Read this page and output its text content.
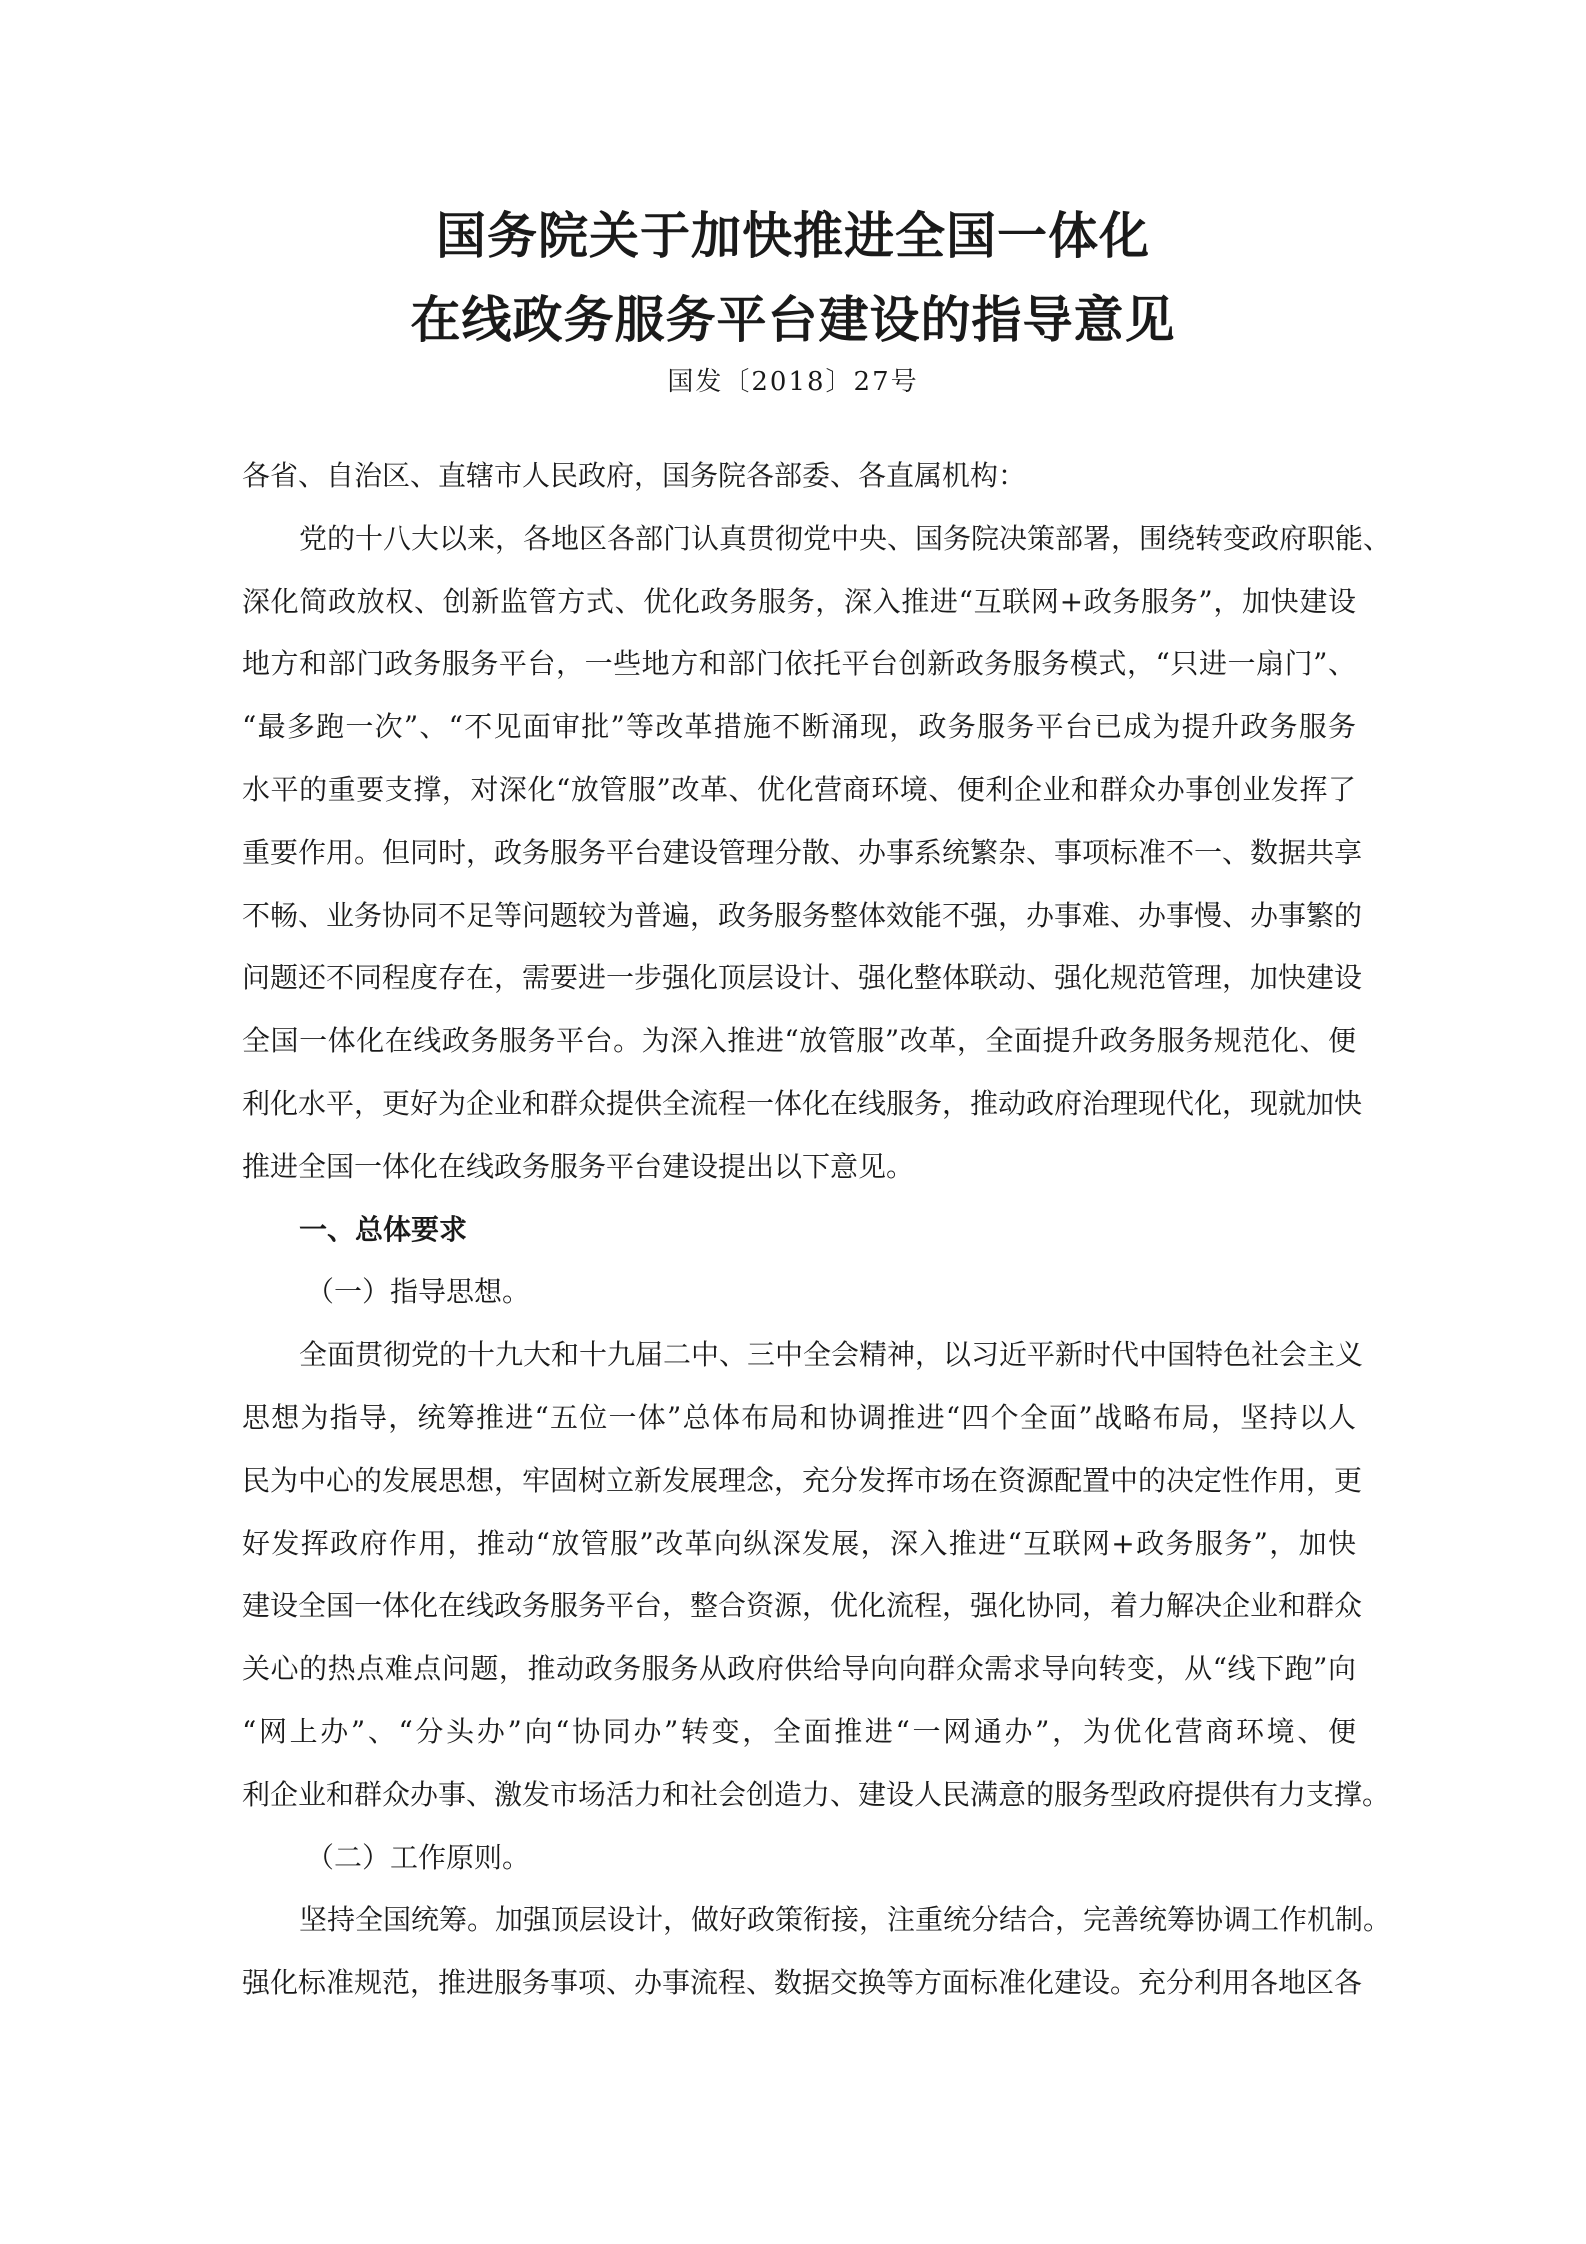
国务院关于加快推进全国一体化
在线政务服务平台建设的指导意见
国发〔2018〕27号
各省、自治区、直辖市人民政府，国务院各部委、各直属机构：
党的十八大以来，各地区各部门认真贯彻党中央、国务院决策部署，围绕转变政府职能、
深化简政放权、创新监管方式、优化政务服务，深入推进“互联网+政务服务”，加快建设
地方和部门政务服务平台，一些地方和部门依托平台创新政务服务模式，“只进一扇门”、
“最多跑一次”、“不见面审批”等改革措施不断涌现，政务服务平台已成为提升政务服务
水平的重要支撑，对深化“放管服”改革、优化营商环境、便利企业和群众办事创业发挥了
重要作用。但同时，政务服务平台建设管理分散、办事系统繁杂、事项标准不一、数据共享
不畅、业务协同不足等问题较为普遍，政务服务整体效能不强，办事难、办事慢、办事繁的
问题还不同程度存在，需要进一步强化顶层设计、强化整体联动、强化规范管理，加快建设
全国一体化在线政务服务平台。为深入推进“放管服”改革，全面提升政务服务规范化、便
利化水平，更好为企业和群众提供全流程一体化在线服务，推动政府治理现代化，现就加快
推进全国一体化在线政务服务平台建设提出以下意见。
一、总体要求
（一）指导思想。
全面贯彻党的十九大和十九届二中、三中全会精神，以习近平新时代中国特色社会主义
思想为指导，统筹推进“五位一体”总体布局和协调推进“四个全面”战略布局，坚持以人
民为中心的发展思想，牢固树立新发展理念，充分发挥市场在资源配置中的决定性作用，更
好发挥政府作用，推动“放管服”改革向纵深发展，深入推进“互联网+政务服务”，加快
建设全国一体化在线政务服务平台，整合资源，优化流程，强化协同，着力解决企业和群众
关心的热点难点问题，推动政务服务从政府供给导向向群众需求导向转变，从“线下跑”向
“网上办”、“分头办”向“协同办”转变，全面推进“一网通办”，为优化营商环境、便
利企业和群众办事、激发市场活力和社会创造力、建设人民满意的服务型政府提供有力支撑。
（二）工作原则。
坚持全国统筹。加强顶层设计，做好政策衔接，注重统分结合，完善统筹协调工作机制。
强化标准规范，推进服务事项、办事流程、数据交换等方面标准化建设。充分利用各地区各
